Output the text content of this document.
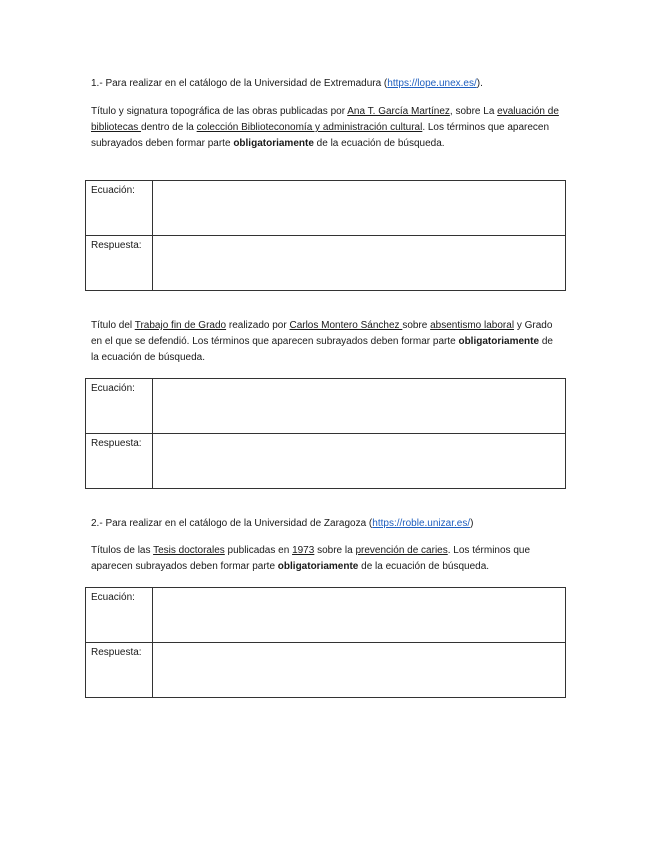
1.- Para realizar en el catálogo de la Universidad de Extremadura (https://lope.unex.es/).

Título y signatura topográfica de las obras publicadas por Ana T. García Martínez, sobre La evaluación de bibliotecas dentro de la colección Biblioteconomía y administración cultural. Los términos que aparecen subrayados deben formar parte obligatoriamente de la ecuación de búsqueda.

Ecuación:	
Respuesta:	

Título del Trabajo fin de Grado realizado por Carlos Montero Sánchez sobre absentismo laboral y Grado en el que se defendió. Los términos que aparecen subrayados deben formar parte obligatoriamente de la ecuación de búsqueda.

Ecuación:	
Respuesta:	

2.- Para realizar en el catálogo de la Universidad de Zaragoza (https://roble.unizar.es/)

Títulos de las Tesis doctorales publicadas en 1973 sobre la prevención de caries. Los términos que aparecen subrayados deben formar parte obligatoriamente de la ecuación de búsqueda.

Ecuación:	
Respuesta:	
